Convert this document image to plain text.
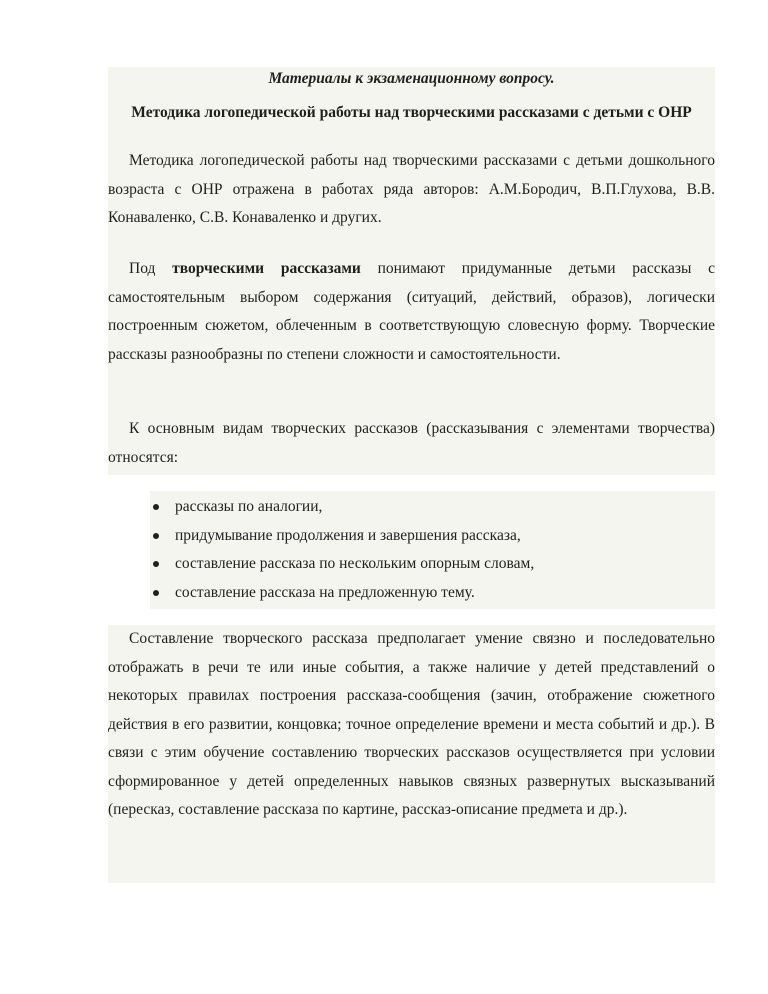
Материалы к экзаменационному вопросу.
Методика логопедической работы над творческими рассказами с детьми с ОНР

Методика логопедической работы над творческими рассказами с детьми дошкольного возраста с ОНР отражена в работах ряда авторов: А.М.Бородич, В.П.Глухова, В.В. Конаваленко, С.В. Конаваленко и других.

Под творческими рассказами понимают придуманные детьми рассказы с самостоятельным выбором содержания (ситуаций, действий, образов), логически построенным сюжетом, облеченным в соответствующую словесную форму. Творческие рассказы разнообразны по степени сложности и самостоятельности.

К основным видам творческих рассказов (рассказывания с элементами творчества) относятся:

рассказы по аналогии,
придумывание продолжения и завершения рассказа,
составление рассказа по нескольким опорным словам,
составление рассказа на предложенную тему.

Составление творческого рассказа предполагает умение связно и последовательно отображать в речи те или иные события, а также наличие у детей представлений о некоторых правилах построения рассказа-сообщения (зачин, отображение сюжетного действия в его развитии, концовка; точное определение времени и места событий и др.). В связи с этим обучение составлению творческих рассказов осуществляется при условии сформированное у детей определенных навыков связных развернутых высказываний (пересказ, составление рассказа по картине, рассказ-описание предмета и др.).
